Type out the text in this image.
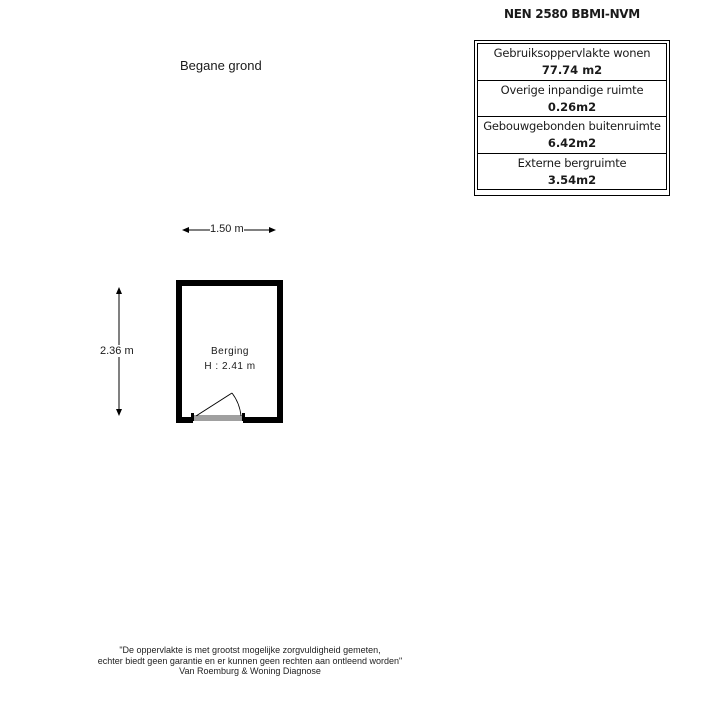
NEN 2580 BBMI-NVM
Gebruiksoppervlakte wonen
77.74 m2
Overige inpandige ruimte
0.26m2
Gebouwgebonden buitenruimte
6.42m2
Externe bergruimte
3.54m2
Begane grond
1.50 m
2.36 m	Berging
H : 2.41 m
"De oppervlakte is met grootst mogelijke zorgvuldigheid gemeten,
echter biedt geen garantie en er kunnen geen rechten aan ontleend worden"
Van Roemburg & Woning Diagnose
